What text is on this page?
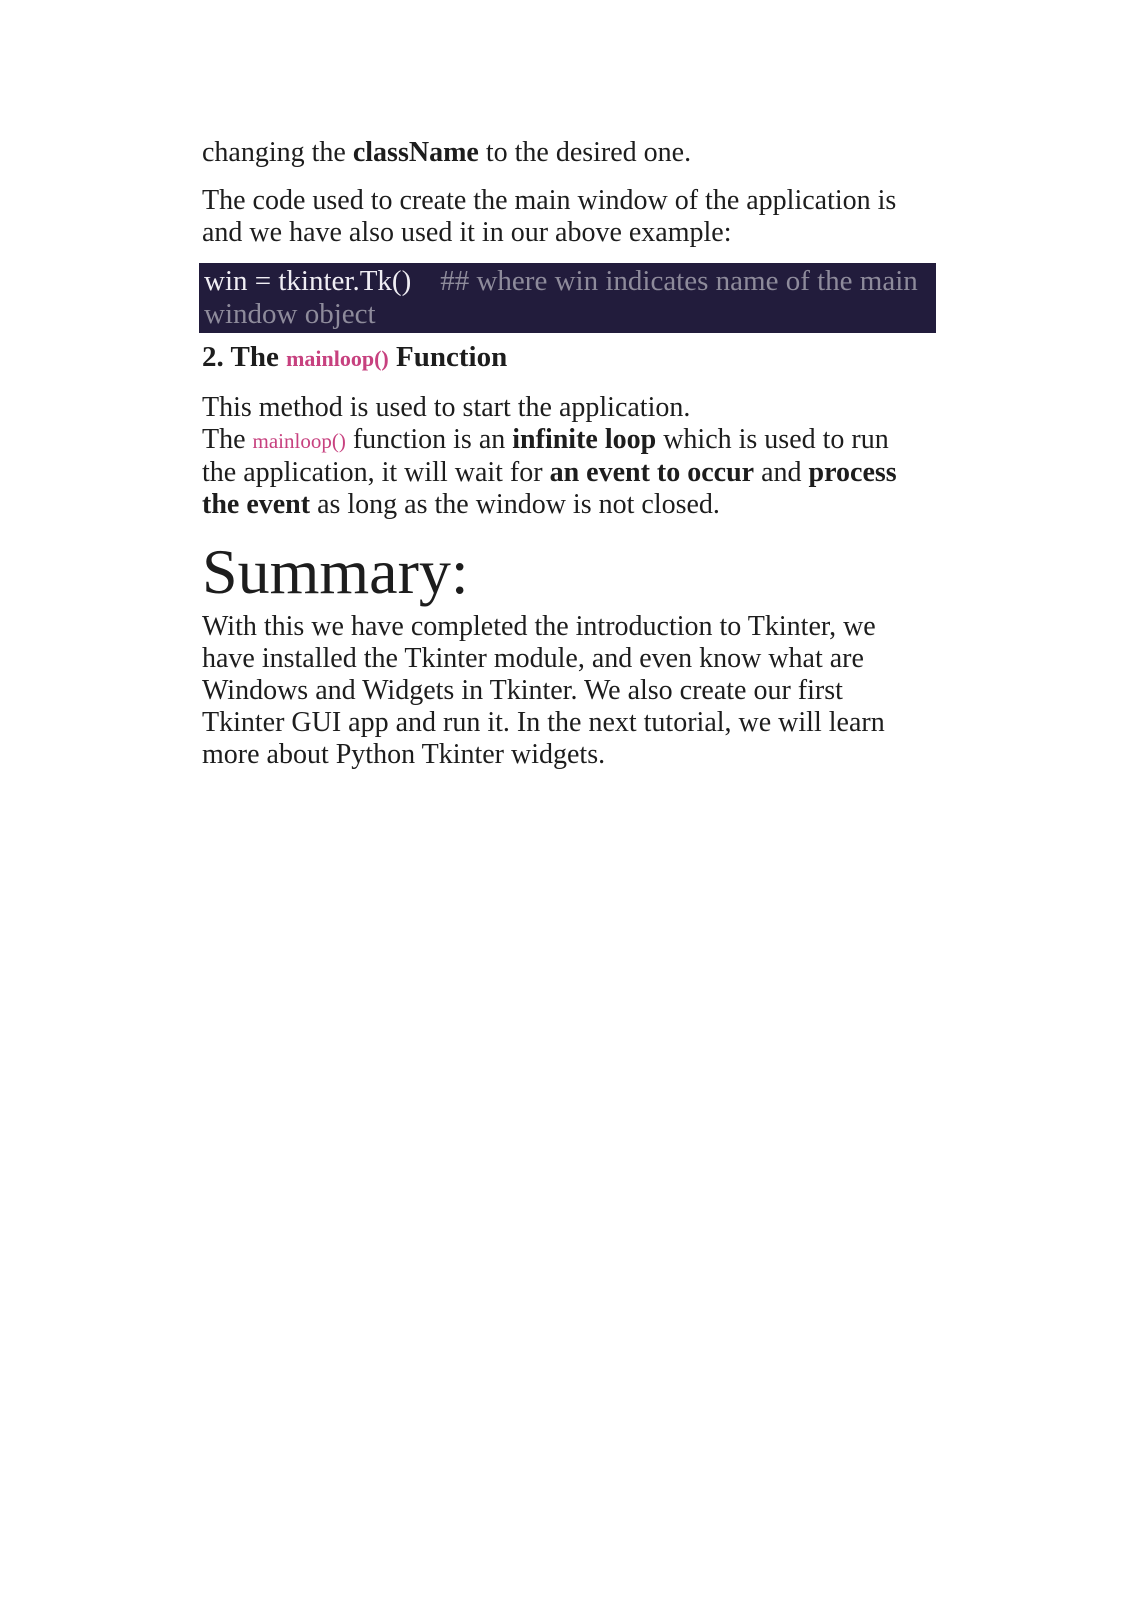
changing the className to the desired one.

The code used to create the main window of the application is
and we have also used it in our above example:

win = tkinter.Tk()    ## where win indicates name of the main
window object
2. The mainloop() Function

This method is used to start the application.
The mainloop() function is an infinite loop which is used to run
the application, it will wait for an event to occur and process
the event as long as the window is not closed.

Summary:

With this we have completed the introduction to Tkinter, we
have installed the Tkinter module, and even know what are
Windows and Widgets in Tkinter. We also create our first
Tkinter GUI app and run it. In the next tutorial, we will learn
more about Python Tkinter widgets.
